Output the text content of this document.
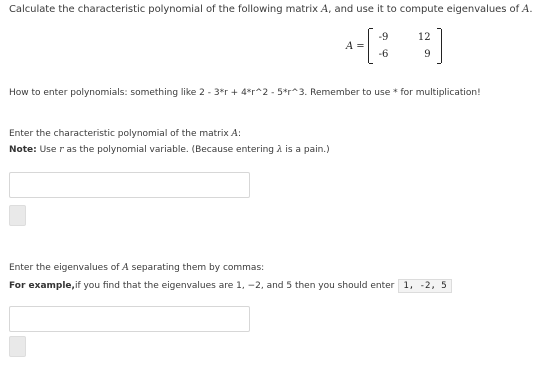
Calculate the characteristic polynomial of the following matrix A, and use it to compute eigenvalues of A.
A =
-9	12
-6	9
How to enter polynomials: something like 2 - 3*r + 4*r^2 - 5*r^3. Remember to use * for multiplication!
Enter the characteristic polynomial of the matrix A:
Note: Use r as the polynomial variable. (Because entering λ is a pain.)
Enter the eigenvalues of A separating them by commas:
For example, if you find that the eigenvalues are 1, −2, and 5 then you should enter	1, -2, 5
